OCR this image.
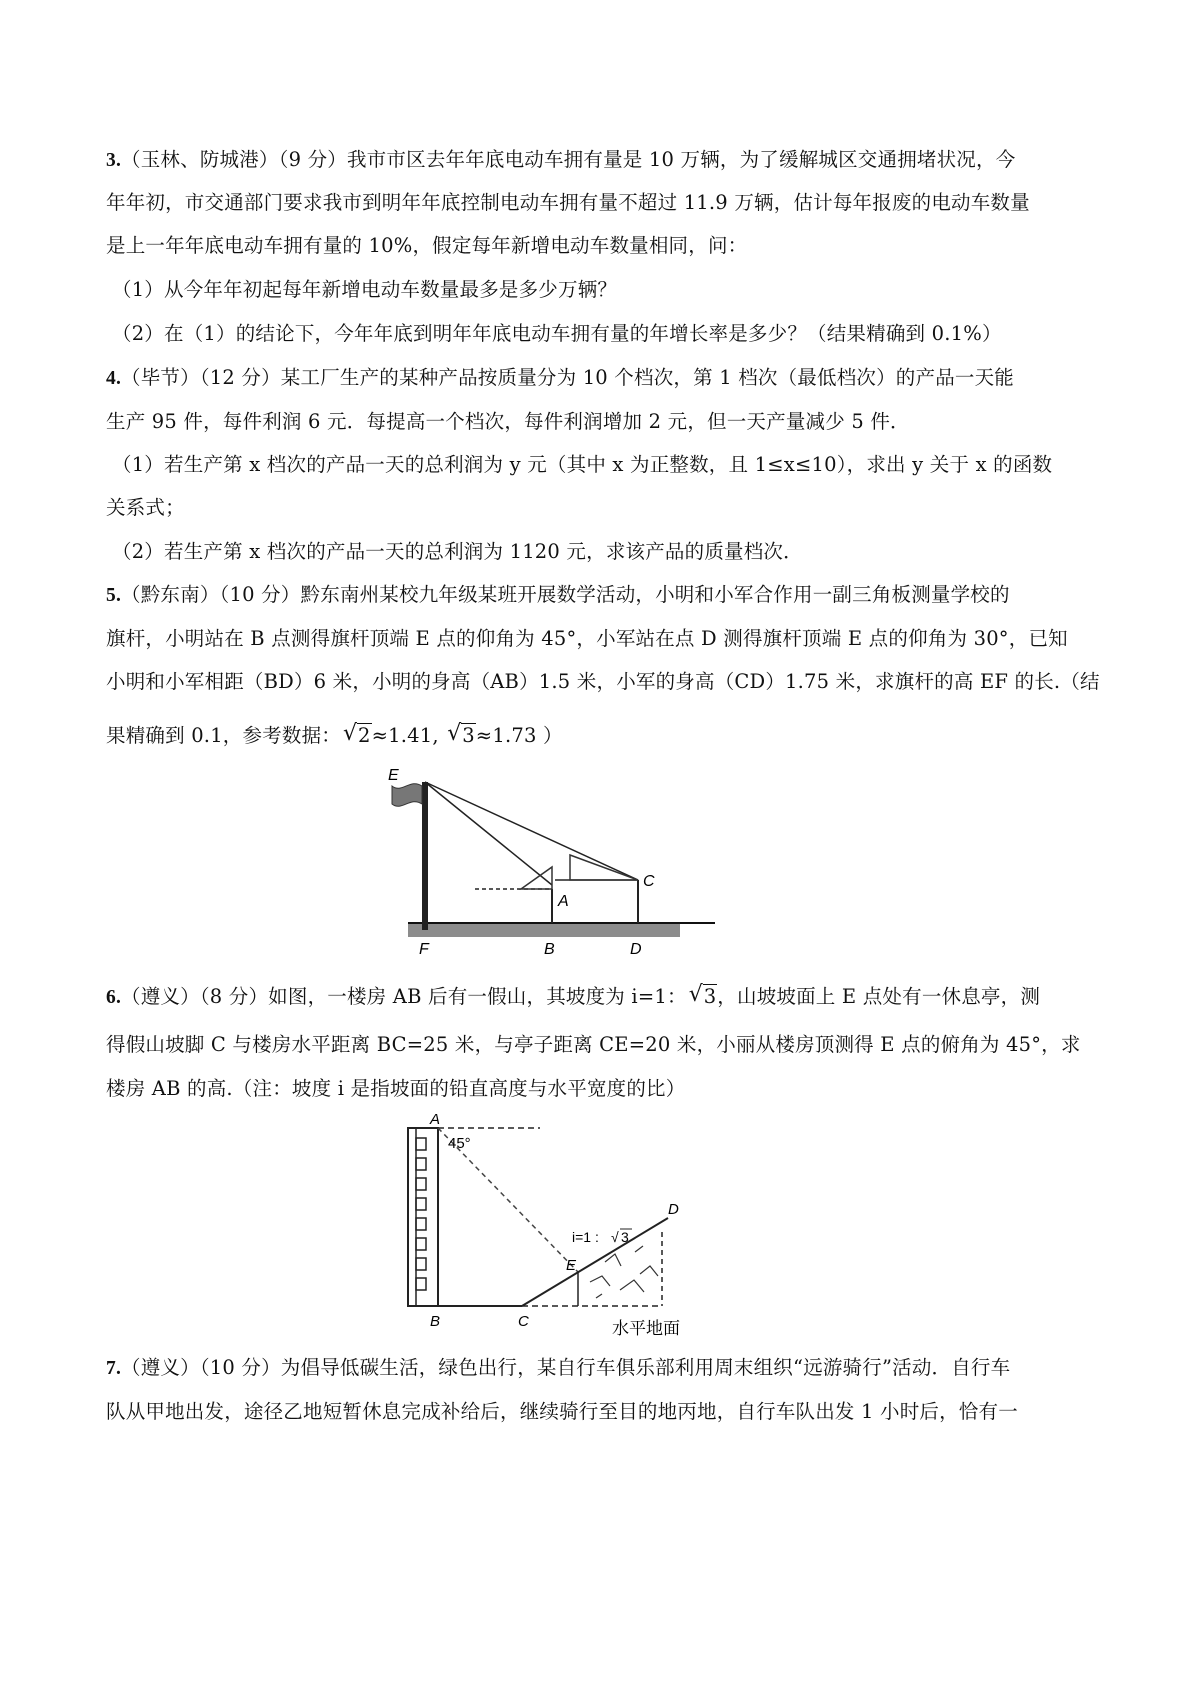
3.（玉林、防城港）（9 分）我市市区去年年底电动车拥有量是 10 万辆，为了缓解城区交通拥堵状况，今
年年初，市交通部门要求我市到明年年底控制电动车拥有量不超过 11.9 万辆，估计每年报废的电动车数量
是上一年年底电动车拥有量的 10%，假定每年新增电动车数量相同，问：
（1）从今年年初起每年新增电动车数量最多是多少万辆？
（2）在（1）的结论下，今年年底到明年年底电动车拥有量的年增长率是多少？（结果精确到 0.1%）
4.（毕节）（12 分）某工厂生产的某种产品按质量分为 10 个档次，第 1 档次（最低档次）的产品一天能
生产 95 件，每件利润 6 元．每提高一个档次，每件利润增加 2 元，但一天产量减少 5 件．
（1）若生产第 x 档次的产品一天的总利润为 y 元（其中 x 为正整数，且 1≤x≤10），求出 y 关于 x 的函数
关系式；
（2）若生产第 x 档次的产品一天的总利润为 1120 元，求该产品的质量档次．
5.（黔东南）（10 分）黔东南州某校九年级某班开展数学活动，小明和小军合作用一副三角板测量学校的
旗杆，小明站在 B 点测得旗杆顶端 E 点的仰角为 45°，小军站在点 D 测得旗杆顶端 E 点的仰角为 30°，已知
小明和小军相距（BD）6 米，小明的身高（AB）1.5 米，小军的身高（CD）1.75 米，求旗杆的高 EF 的长.（结
果精确到 0.1，参考数据： √ 2≈1.41, √ 3≈1.73 ）
E
A
C
F	B	D
6.（遵义）（8 分）如图，一楼房 AB 后有一假山，其坡度为 i=1： √ 3，山坡坡面上 E 点处有一休息亭，测
得假山坡脚 C 与楼房水平距离 BC=25 米，与亭子距离 CE=20 米，小丽从楼房顶测得 E 点的俯角为 45°，求
楼房 AB 的高.（注：坡度 i 是指坡面的铅直高度与水平宽度的比）
A
45°
D
i=1 : √ 3
E
B	C	水平地面
7.（遵义）（10 分）为倡导低碳生活，绿色出行，某自行车俱乐部利用周末组织“远游骑行”活动．自行车
队从甲地出发，途径乙地短暂休息完成补给后，继续骑行至目的地丙地，自行车队出发 1 小时后，恰有一
